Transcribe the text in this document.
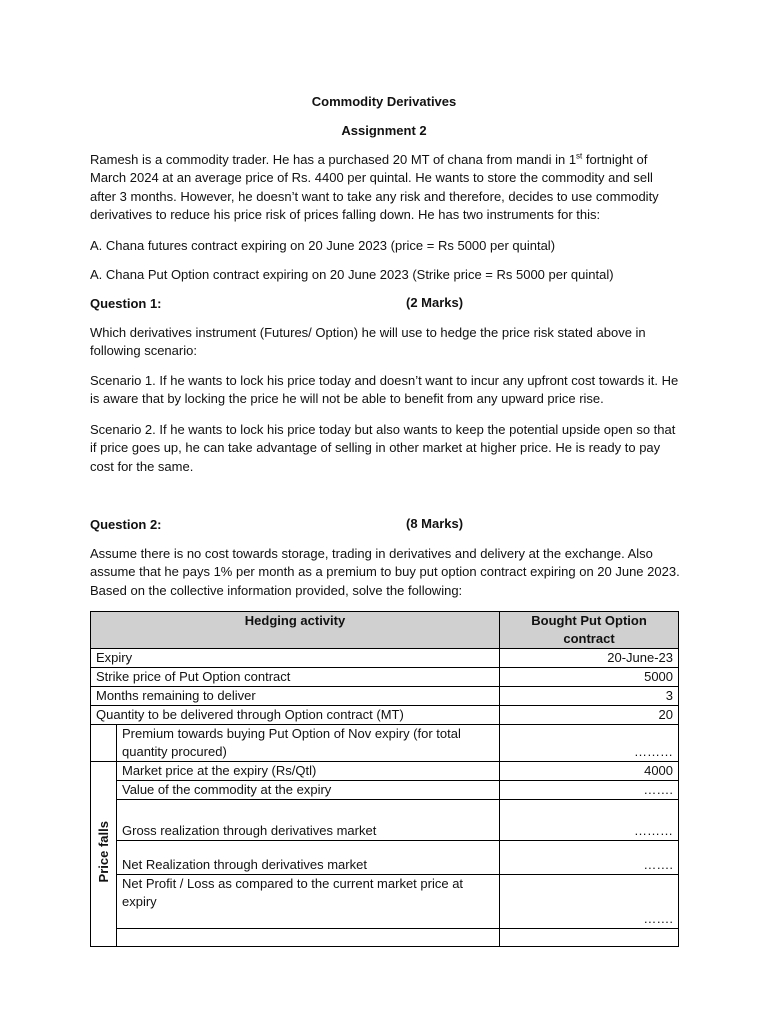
Commodity Derivatives
Assignment 2
Ramesh is a commodity trader. He has a purchased 20 MT of chana from mandi in 1st fortnight of March 2024 at an average price of Rs. 4400 per quintal. He wants to store the commodity and sell after 3 months. However, he doesn’t want to take any risk and therefore, decides to use commodity derivatives to reduce his price risk of prices falling down. He has two instruments for this:
A. Chana futures contract expiring on 20 June 2023 (price = Rs 5000 per quintal)
A. Chana Put Option contract expiring on 20 June 2023 (Strike price = Rs 5000 per quintal)
Question 1:	(2 Marks)
Which derivatives instrument (Futures/ Option) he will use to hedge the price risk stated above in following scenario:
Scenario 1. If he wants to lock his price today and doesn’t want to incur any upfront cost towards it. He is aware that by locking the price he will not be able to benefit from any upward price rise.
Scenario 2. If he wants to lock his price today but also wants to keep the potential upside open so that if price goes up, he can take advantage of selling in other market at higher price. He is ready to pay cost for the same.
Question 2:	(8 Marks)
Assume there is no cost towards storage, trading in derivatives and delivery at the exchange. Also assume that he pays 1% per month as a premium to buy put option contract expiring on 20 June 2023. Based on the collective information provided, solve the following:
Hedging activity		Bought Put Option contract
Expiry		20-June-23
Strike price of Put Option contract		5000
Months remaining to deliver		3
Quantity to be delivered through Option contract (MT)		20
	Premium towards buying Put Option of Nov expiry (for total quantity procured)	………
Price falls	Market price at the expiry (Rs/Qtl)	4000
	Value of the commodity at the expiry	…….
	Gross realization through derivatives market	………
	Net Realization through derivatives market	…….
	Net Profit / Loss as compared to the current market price at expiry	…….
